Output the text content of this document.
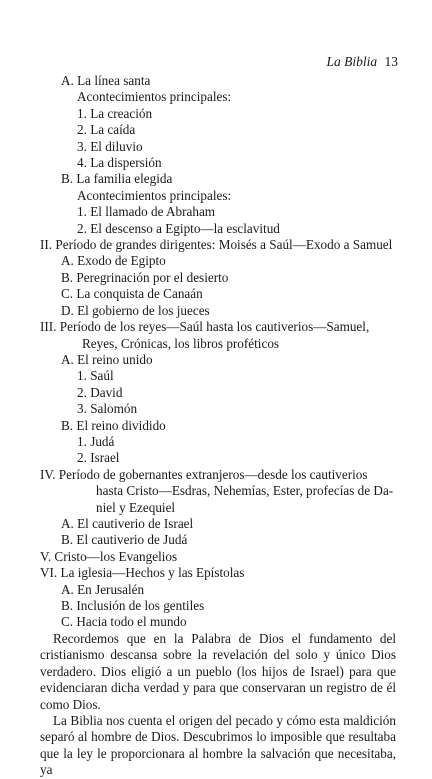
La Biblia 13
A. La línea santa
Acontecimientos principales:
1. La creación
2. La caída
3. El diluvio
4. La dispersión
B. La familia elegida
Acontecimientos principales:
1. El llamado de Abraham
2. El descenso a Egipto—la esclavitud
II. Período de grandes dirigentes: Moisés a Saúl—Exodo a Samuel
A. Exodo de Egipto
B. Peregrinación por el desierto
C. La conquista de Canaán
D. El gobierno de los jueces
III. Período de los reyes—Saúl hasta los cautiverios—Samuel,
Reyes, Crónicas, los libros proféticos
A. El reino unido
1. Saúl
2. David
3. Salomón
B. El reino dividido
1. Judá
2. Israel
IV. Período de gobernantes extranjeros—desde los cautiverios
hasta Cristo—Esdras, Nehemías, Ester, profecías de Da-
niel y Ezequiel
A. El cautiverio de Israel
B. El cautiverio de Judá
V. Cristo—los Evangelios
VI. La iglesia—Hechos y las Epístolas
A. En Jerusalén
B. Inclusión de los gentiles
C. Hacia todo el mundo

Recordemos que en la Palabra de Dios el fundamento del cristianismo descansa sobre la revelación del solo y único Dios verdadero. Dios eligió a un pueblo (los hijos de Israel) para que evidenciaran dicha verdad y para que conservaran un registro de él como Dios.

La Biblia nos cuenta el origen del pecado y cómo esta maldición separó al hombre de Dios. Descubrimos lo imposible que resultaba que la ley le proporcionara al hombre la salvación que necesitaba, ya
